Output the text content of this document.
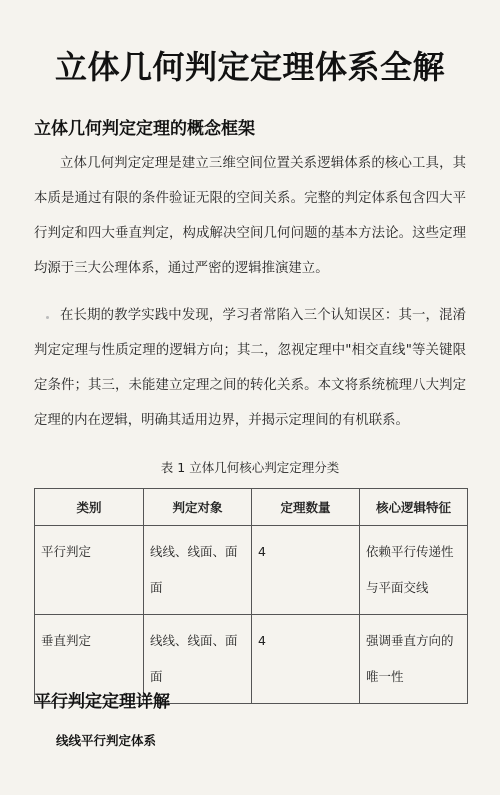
立体几何判定定理体系全解
立体几何判定定理的概念框架

立体几何判定定理是建立三维空间位置关系逻辑体系的核心工具，其本质是通过有限的条件验证无限的空间关系。完整的判定体系包含四大平行判定和四大垂直判定，构成解决空间几何问题的基本方法论。这些定理均源于三大公理体系，通过严密的逻辑推演建立。

在长期的教学实践中发现，学习者常陷入三个认知误区：其一，混淆判定定理与性质定理的逻辑方向；其二，忽视定理中"相交直线"等关键限定条件；其三，未能建立定理之间的转化关系。本文将系统梳理八大判定定理的内在逻辑，明确其适用边界，并揭示定理间的有机联系。

表 1 立体几何核心判定定理分类
类别	判定对象	定理数量	核心逻辑特征
平行判定	线线、线面、面面	4	依赖平行传递性与平面交线
垂直判定	线线、线面、面面	4	强调垂直方向的唯一性
平行判定定理详解
线线平行判定体系
